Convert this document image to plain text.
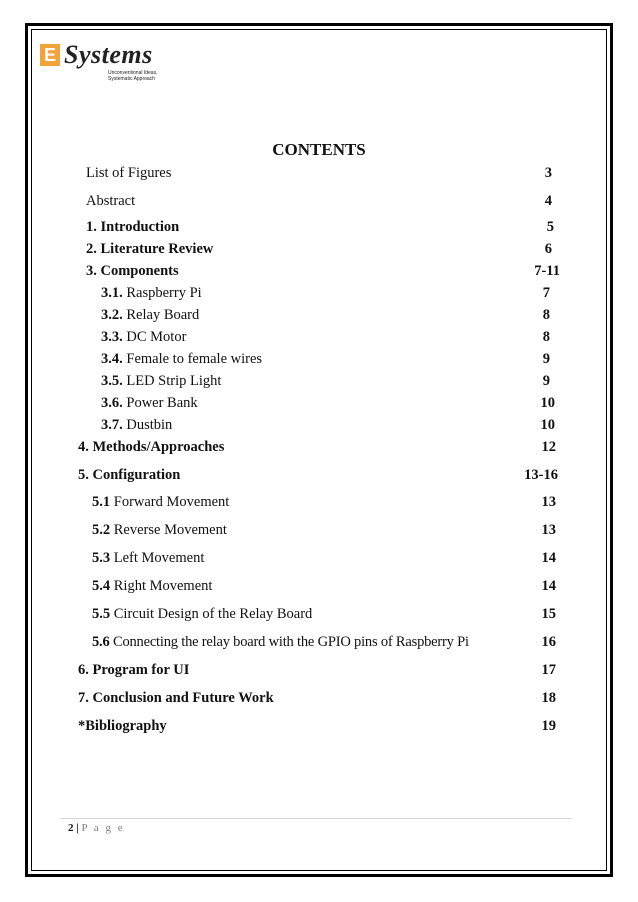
E Systems
Unconventional Ideas,
Systematic Approach
CONTENTS
List of Figures	3
Abstract	4
1. Introduction	5
2. Literature Review	6
3. Components	7-11
3.1. Raspberry Pi	7
3.2. Relay Board	8
3.3. DC Motor	8
3.4. Female to female wires	9
3.5. LED Strip Light	9
3.6. Power Bank	10
3.7. Dustbin	10
4. Methods/Approaches	12
5. Configuration	13-16
5.1 Forward Movement	13
5.2 Reverse Movement	13
5.3 Left Movement	14
5.4 Right Movement	14
5.5 Circuit Design of the Relay Board	15
5.6 Connecting the relay board with the GPIO pins of Raspberry Pi	16
6. Program for UI	17
7. Conclusion and Future Work	18
*Bibliography	19
2 | P a g e
